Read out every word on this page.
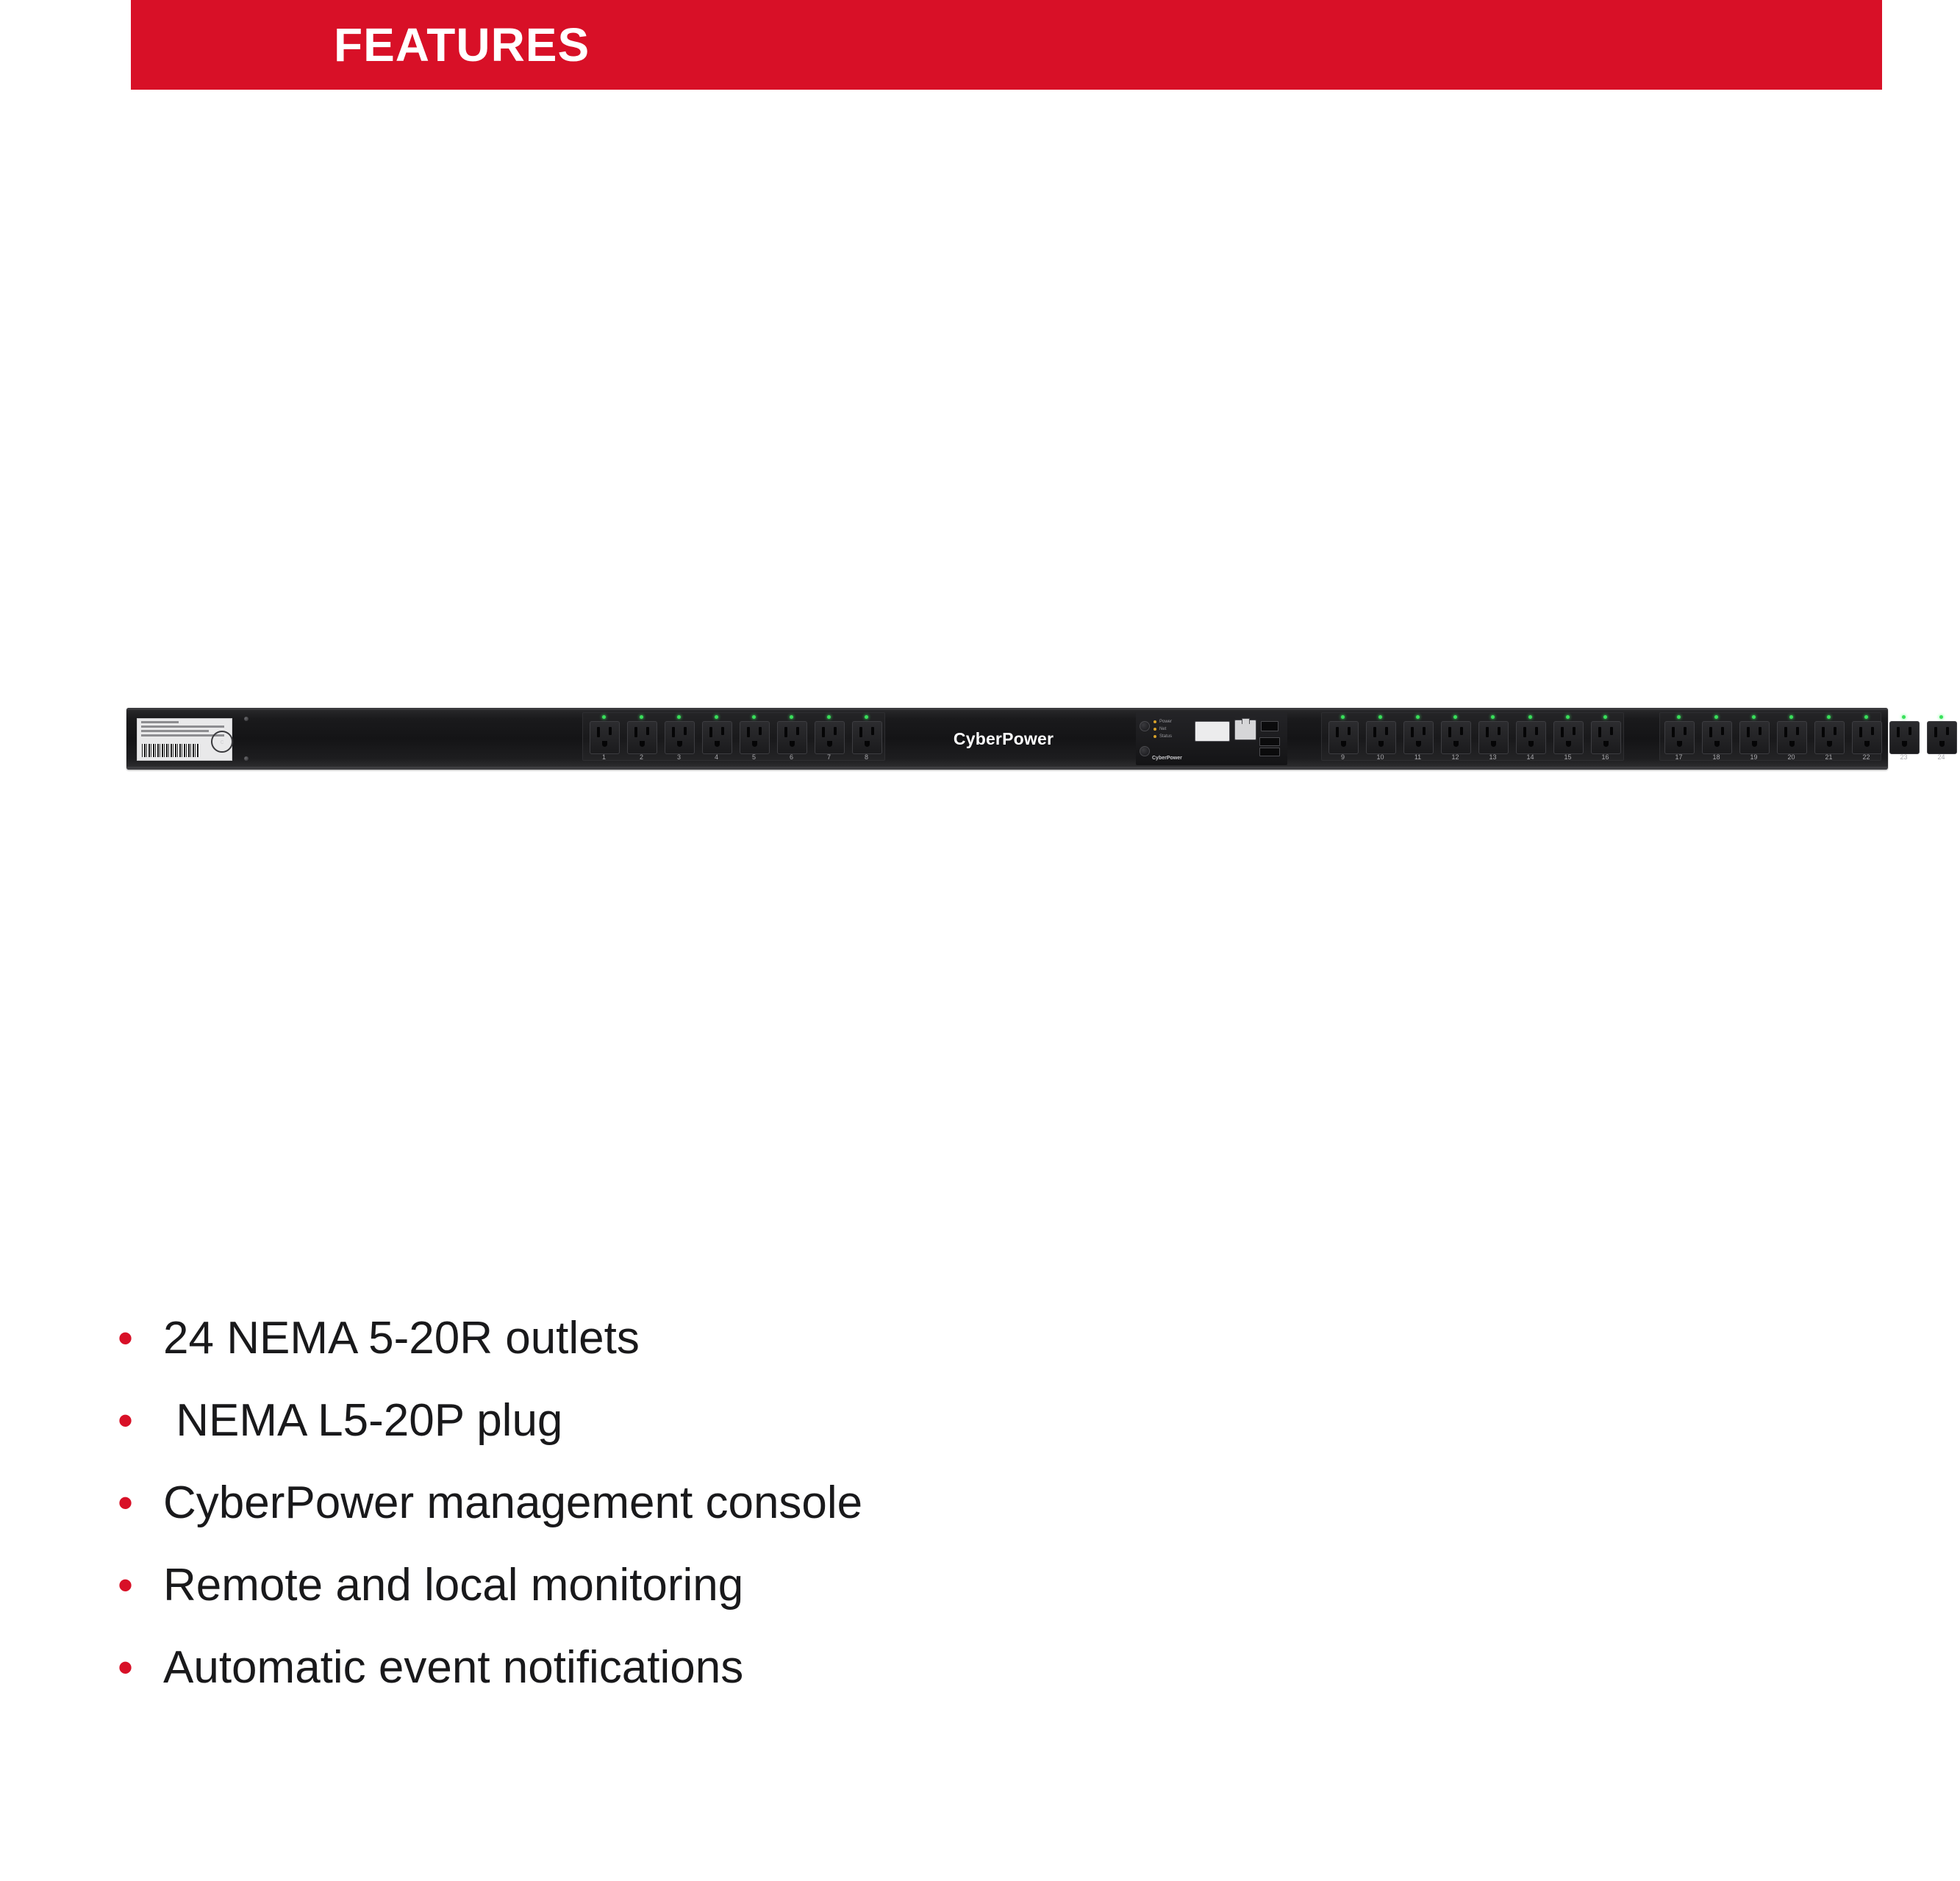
FEATURES
c
1	2	3	4	5	6	7	8
CyberPower
Power
Net
Status
CyberPower	9	10	11	12	13	14	15	16	17	18	19	20	21	22	23	24
• 24 NEMA 5-20R outlets
• NEMA L5-20P plug
• CyberPower management console
• Remote and local monitoring
• Automatic event notifications
